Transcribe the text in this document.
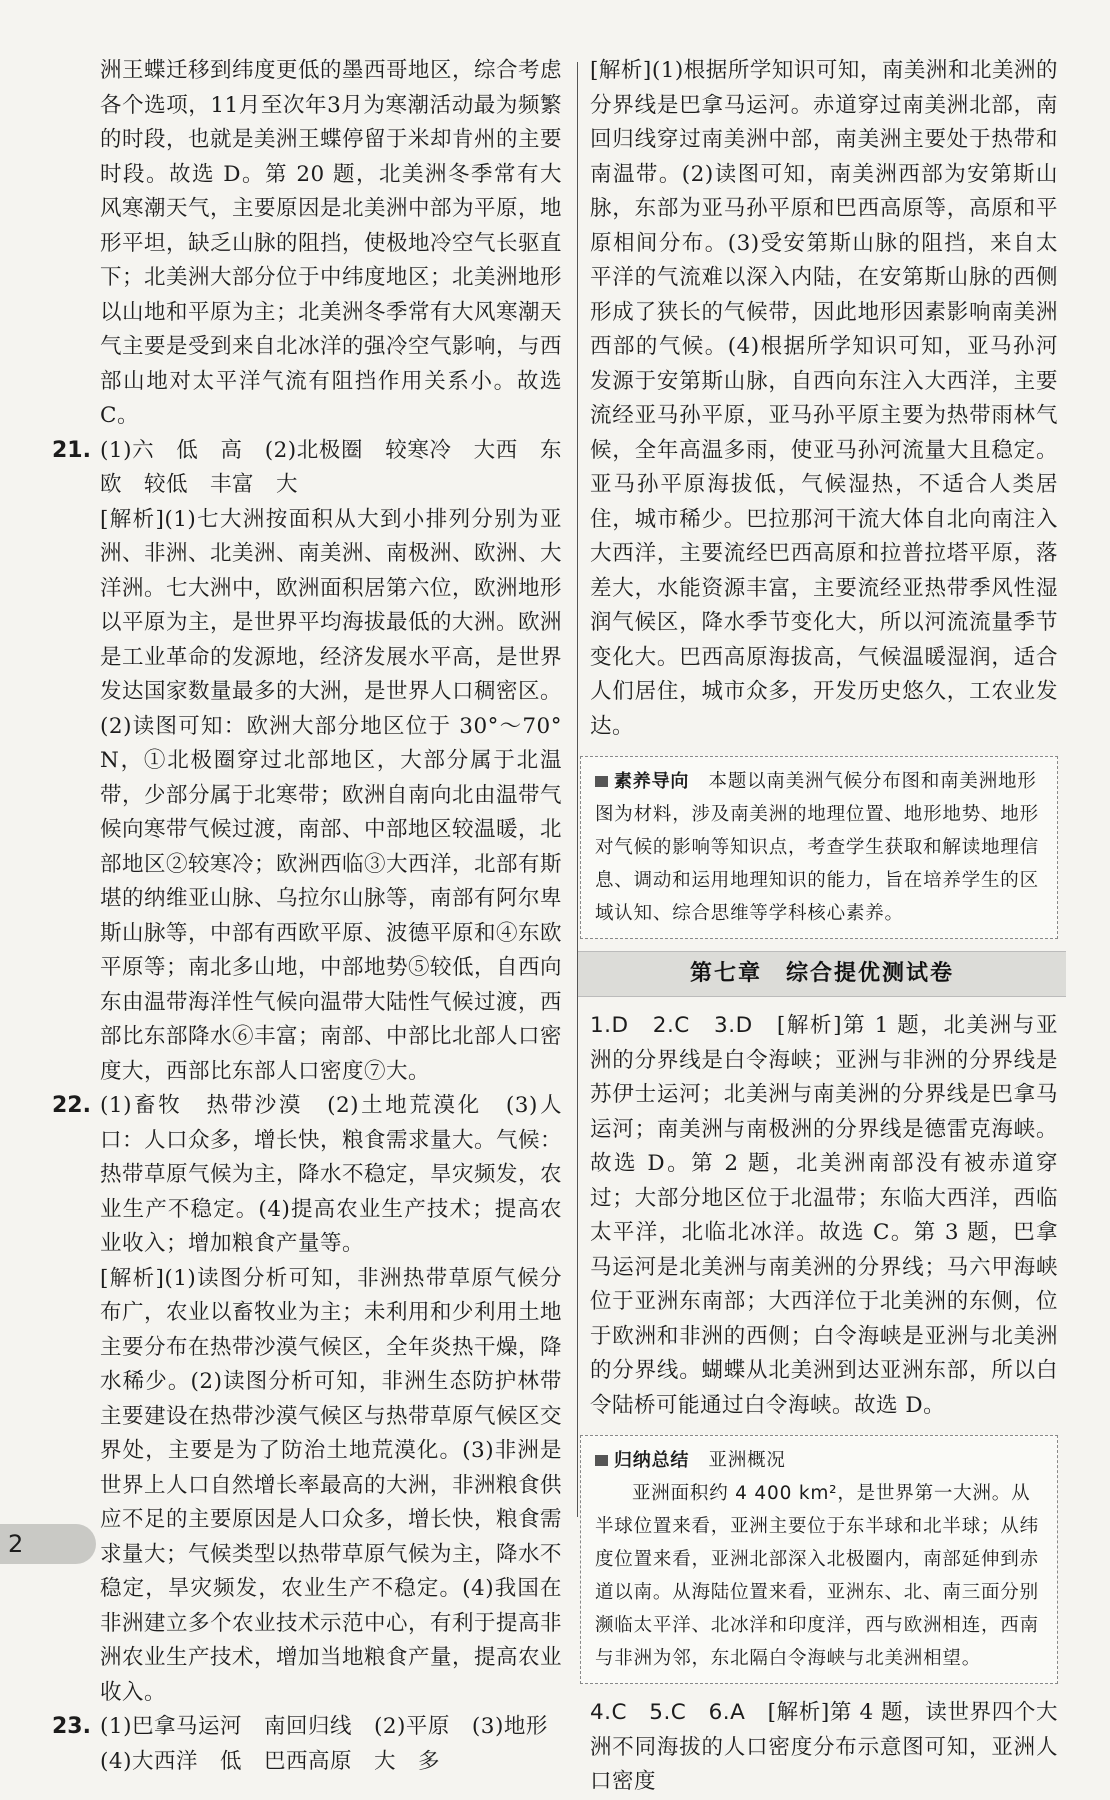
洲王蝶迁移到纬度更低的墨西哥地区，综合考虑各个选项，11月至次年3月为寒潮活动最为频繁的时段，也就是美洲王蝶停留于米却肯州的主要时段。故选 D。第 20 题，北美洲冬季常有大风寒潮天气，主要原因是北美洲中部为平原，地形平坦，缺乏山脉的阻挡，使极地冷空气长驱直下；北美洲大部分位于中纬度地区；北美洲地形以山地和平原为主；北美洲冬季常有大风寒潮天气主要是受到来自北冰洋的强冷空气影响，与西部山地对太平洋气流有阻挡作用关系小。故选 C。

21. (1)六　低　高　(2)北极圈　较寒冷　大西　东欧　较低　丰富　大

[解析](1)七大洲按面积从大到小排列分别为亚洲、非洲、北美洲、南美洲、南极洲、欧洲、大洋洲。七大洲中，欧洲面积居第六位，欧洲地形以平原为主，是世界平均海拔最低的大洲。欧洲是工业革命的发源地，经济发展水平高，是世界发达国家数量最多的大洲，是世界人口稠密区。(2)读图可知：欧洲大部分地区位于 30°～70° N，①北极圈穿过北部地区，大部分属于北温带，少部分属于北寒带；欧洲自南向北由温带气候向寒带气候过渡，南部、中部地区较温暖，北部地区②较寒冷；欧洲西临③大西洋，北部有斯堪的纳维亚山脉、乌拉尔山脉等，南部有阿尔卑斯山脉等，中部有西欧平原、波德平原和④东欧平原等；南北多山地，中部地势⑤较低，自西向东由温带海洋性气候向温带大陆性气候过渡，西部比东部降水⑥丰富；南部、中部比北部人口密度大，西部比东部人口密度⑦大。

22. (1)畜牧　热带沙漠　(2)土地荒漠化　(3)人口：人口众多，增长快，粮食需求量大。气候：热带草原气候为主，降水不稳定，旱灾频发，农业生产不稳定。(4)提高农业生产技术；提高农业收入；增加粮食产量等。

[解析](1)读图分析可知，非洲热带草原气候分布广，农业以畜牧业为主；未利用和少利用土地主要分布在热带沙漠气候区，全年炎热干燥，降水稀少。(2)读图分析可知，非洲生态防护林带主要建设在热带沙漠气候区与热带草原气候区交界处，主要是为了防治土地荒漠化。(3)非洲是世界上人口自然增长率最高的大洲，非洲粮食供应不足的主要原因是人口众多，增长快，粮食需求量大；气候类型以热带草原气候为主，降水不稳定，旱灾频发，农业生产不稳定。(4)我国在非洲建立多个农业技术示范中心，有利于提高非洲农业生产技术，增加当地粮食产量，提高农业收入。

23. (1)巴拿马运河　南回归线　(2)平原　(3)地形

(4)大西洋　低　巴西高原　大　多

[解析](1)根据所学知识可知，南美洲和北美洲的分界线是巴拿马运河。赤道穿过南美洲北部，南回归线穿过南美洲中部，南美洲主要处于热带和南温带。(2)读图可知，南美洲西部为安第斯山脉，东部为亚马孙平原和巴西高原等，高原和平原相间分布。(3)受安第斯山脉的阻挡，来自太平洋的气流难以深入内陆，在安第斯山脉的西侧形成了狭长的气候带，因此地形因素影响南美洲西部的气候。(4)根据所学知识可知，亚马孙河发源于安第斯山脉，自西向东注入大西洋，主要流经亚马孙平原，亚马孙平原主要为热带雨林气候，全年高温多雨，使亚马孙河流量大且稳定。亚马孙平原海拔低，气候湿热，不适合人类居住，城市稀少。巴拉那河干流大体自北向南注入大西洋，主要流经巴西高原和拉普拉塔平原，落差大，水能资源丰富，主要流经亚热带季风性湿润气候区，降水季节变化大，所以河流流量季节变化大。巴西高原海拔高，气候温暖湿润，适合人们居住，城市众多，开发历史悠久，工农业发达。

素养导向　 本题以南美洲气候分布图和南美洲地形图为材料，涉及南美洲的地理位置、地形地势、地形对气候的影响等知识点，考查学生获取和解读地理信息、调动和运用地理知识的能力，旨在培养学生的区域认知、综合思维等学科核心素养。

第七章　综合提优测试卷

1.D　2.C　3.D　 [解析]第 1 题，北美洲与亚洲的分界线是白令海峡；亚洲与非洲的分界线是苏伊士运河；北美洲与南美洲的分界线是巴拿马运河；南美洲与南极洲的分界线是德雷克海峡。故选 D。第 2 题，北美洲南部没有被赤道穿过；大部分地区位于北温带；东临大西洋，西临太平洋，北临北冰洋。故选 C。第 3 题，巴拿马运河是北美洲与南美洲的分界线；马六甲海峡位于亚洲东南部；大西洋位于北美洲的东侧，位于欧洲和非洲的西侧；白令海峡是亚洲与北美洲的分界线。蝴蝶从北美洲到达亚洲东部，所以白令陆桥可能通过白令海峡。故选 D。

归纳总结　 亚洲概况

亚洲面积约 4 400 km²，是世界第一大洲。从半球位置来看，亚洲主要位于东半球和北半球；从纬度位置来看，亚洲北部深入北极圈内，南部延伸到赤道以南。从海陆位置来看，亚洲东、北、南三面分别濒临太平洋、北冰洋和印度洋，西与欧洲相连，西南与非洲为邻，东北隔白令海峡与北美洲相望。

4.C　5.C　6.A　 [解析]第 4 题，读世界四个大洲不同海拔的人口密度分布示意图可知，亚洲人口密度

2
